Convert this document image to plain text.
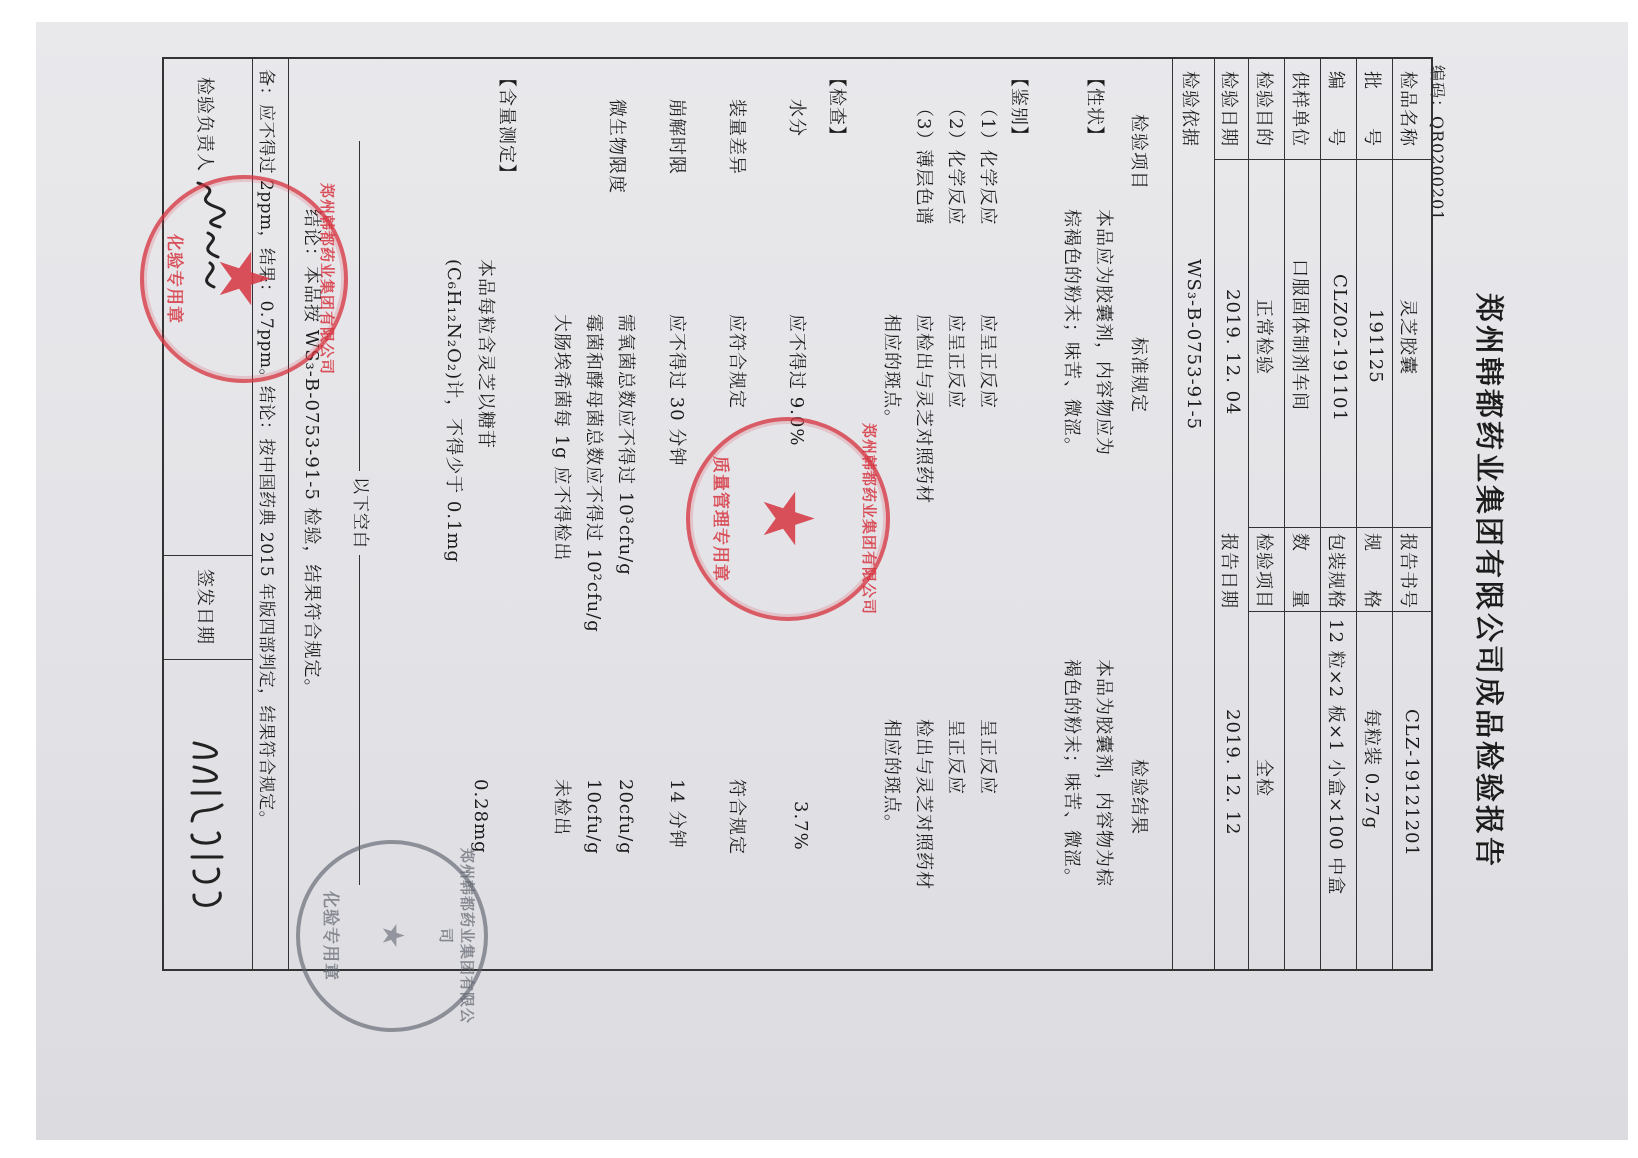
郑州韩都药业集团有限公司成品检验报告
编码：QR0200201
检品名称
灵芝胶囊
报告书号
CLZ-19121201
批　　号
191125
规　　格
每粒装 0.27g
编　　号
CLZ02-191101
包装规格
12 粒×2 板×1 小盒×100 中盒
供样单位
口服固体制剂车间
数　　量
检验目的
正常检验
检验项目
全检
检验日期
2019. 12. 04
报告日期
2019. 12. 12
检验依据
WS₃-B-0753-91-5
检验项目
标准规定
检验结果
【性状】
本品应为胶囊剂，内容物应为
棕褐色的粉末；味苦、微涩。
本品为胶囊剂，内容物为棕
褐色的粉末；味苦、微涩。
【鉴别】
（1）化学反应
（2）化学反应
（3）薄层色谱
应呈正反应
应呈正反应
应检出与灵芝对照药材
相应的斑点。
呈正反应
呈正反应
检出与灵芝对照药材
相应的斑点。
【检查】
水分
应不得过 9.0%
3.7%
装量差异
应符合规定
符合规定
崩解时限
应不得过 30 分钟
14 分钟
微生物限度
需氧菌总数应不得过 10³cfu/g
霉菌和酵母菌总数应不得过 10²cfu/g
大肠埃希菌每 1g 应不得检出
20cfu/g
10cfu/g
未检出
【含量测定】
本品每粒含灵芝以糖苷
(C₆H₁₂N₂O₂)计，不得少于 0.1mg
0.28mg
以下空白
结论：本品按 WS₃-B-0753-91-5 检验，结果符合规定。
备：应不得过 2ppm，结果：0.7ppm。结论：按中国药典 2015 年版四部判定，结果符合规定。
检验负责人
签发日期	郑州韩都药业集团有限公司
★
质量管理专用章
郑州韩都药业集团有限公司
★
化验专用章
郑州韩都药业集团有限公司
★
化验专用章
